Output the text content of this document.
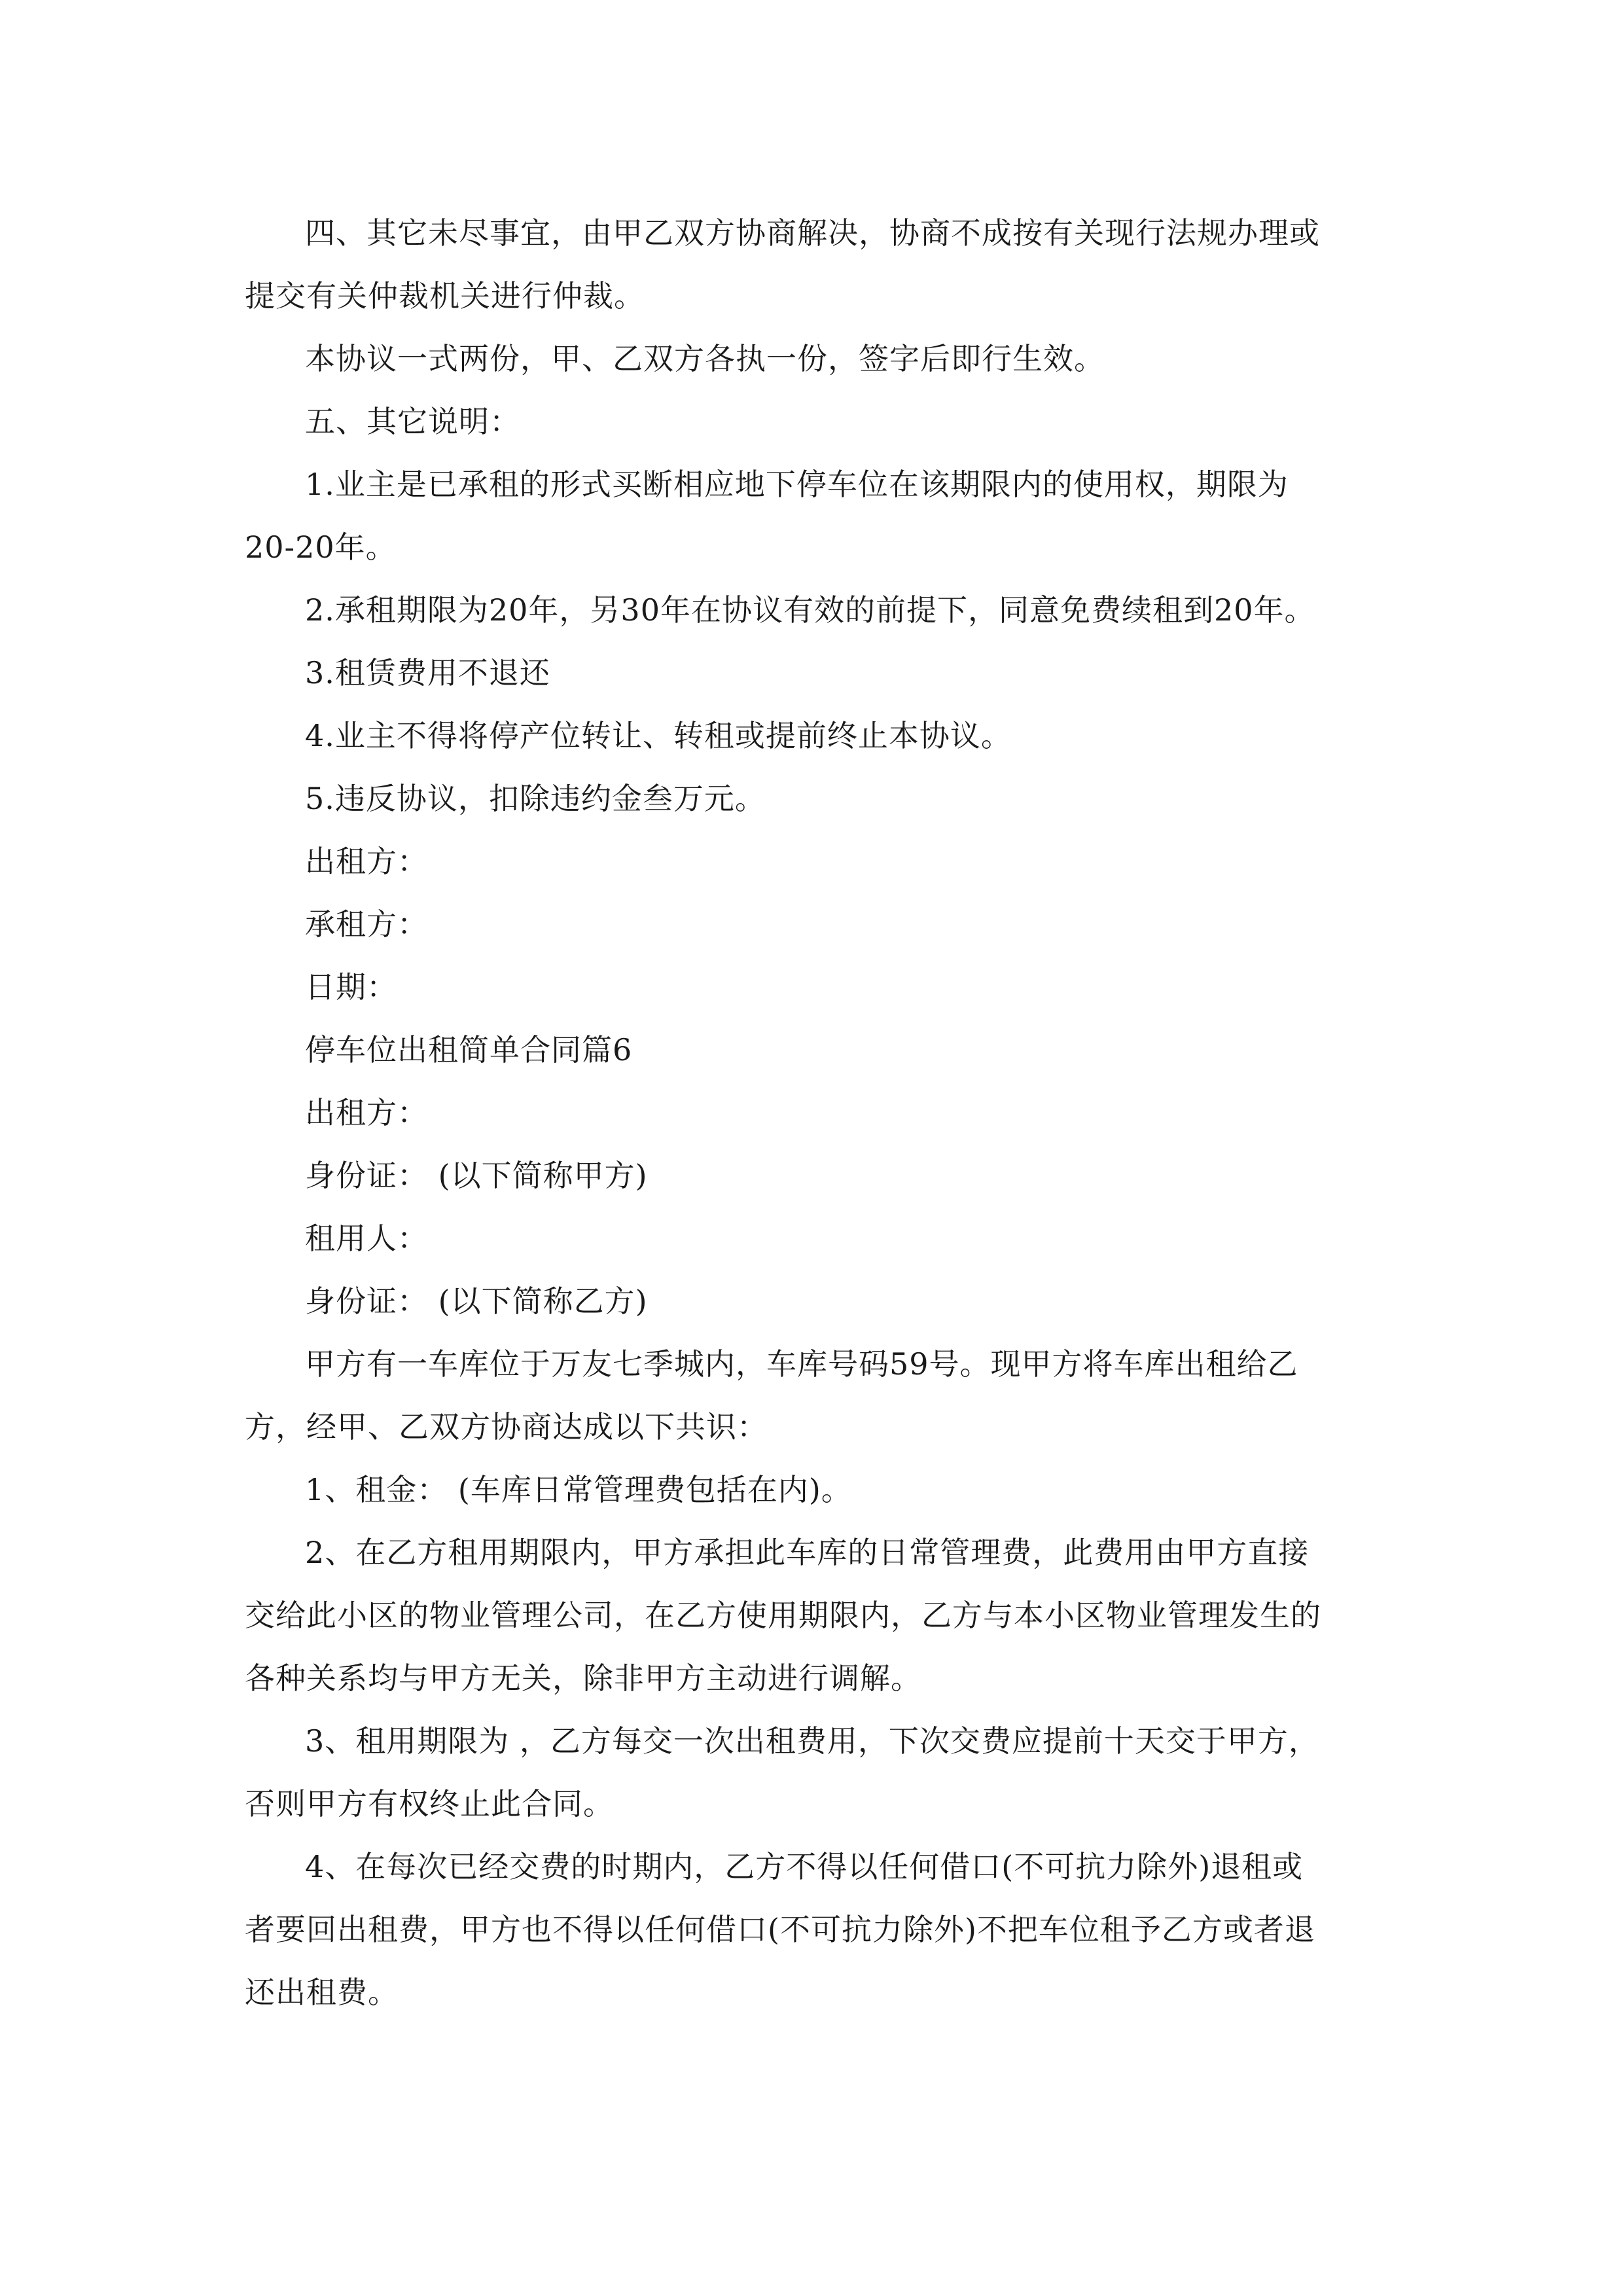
四、其它未尽事宜，由甲乙双方协商解决，协商不成按有关现行法规办理或
提交有关仲裁机关进行仲裁。
本协议一式两份，甲、乙双方各执一份，签字后即行生效。
五、其它说明：
1.业主是已承租的形式买断相应地下停车位在该期限内的使用权，期限为
20-20年。
2.承租期限为20年，另30年在协议有效的前提下，同意免费续租到20年。
3.租赁费用不退还
4.业主不得将停产位转让、转租或提前终止本协议。
5.违反协议，扣除违约金叁万元。
出租方：
承租方：
日期：
停车位出租简单合同篇6
出租方：
身份证： (以下简称甲方)
租用人：
身份证： (以下简称乙方)
甲方有一车库位于万友七季城内，车库号码59号。现甲方将车库出租给乙
方，经甲、乙双方协商达成以下共识：
1、租金： (车库日常管理费包括在内)。
2、在乙方租用期限内，甲方承担此车库的日常管理费，此费用由甲方直接
交给此小区的物业管理公司，在乙方使用期限内，乙方与本小区物业管理发生的
各种关系均与甲方无关，除非甲方主动进行调解。
3、租用期限为 ，乙方每交一次出租费用，下次交费应提前十天交于甲方，
否则甲方有权终止此合同。
4、在每次已经交费的时期内，乙方不得以任何借口(不可抗力除外)退租或
者要回出租费，甲方也不得以任何借口(不可抗力除外)不把车位租予乙方或者退
还出租费。
